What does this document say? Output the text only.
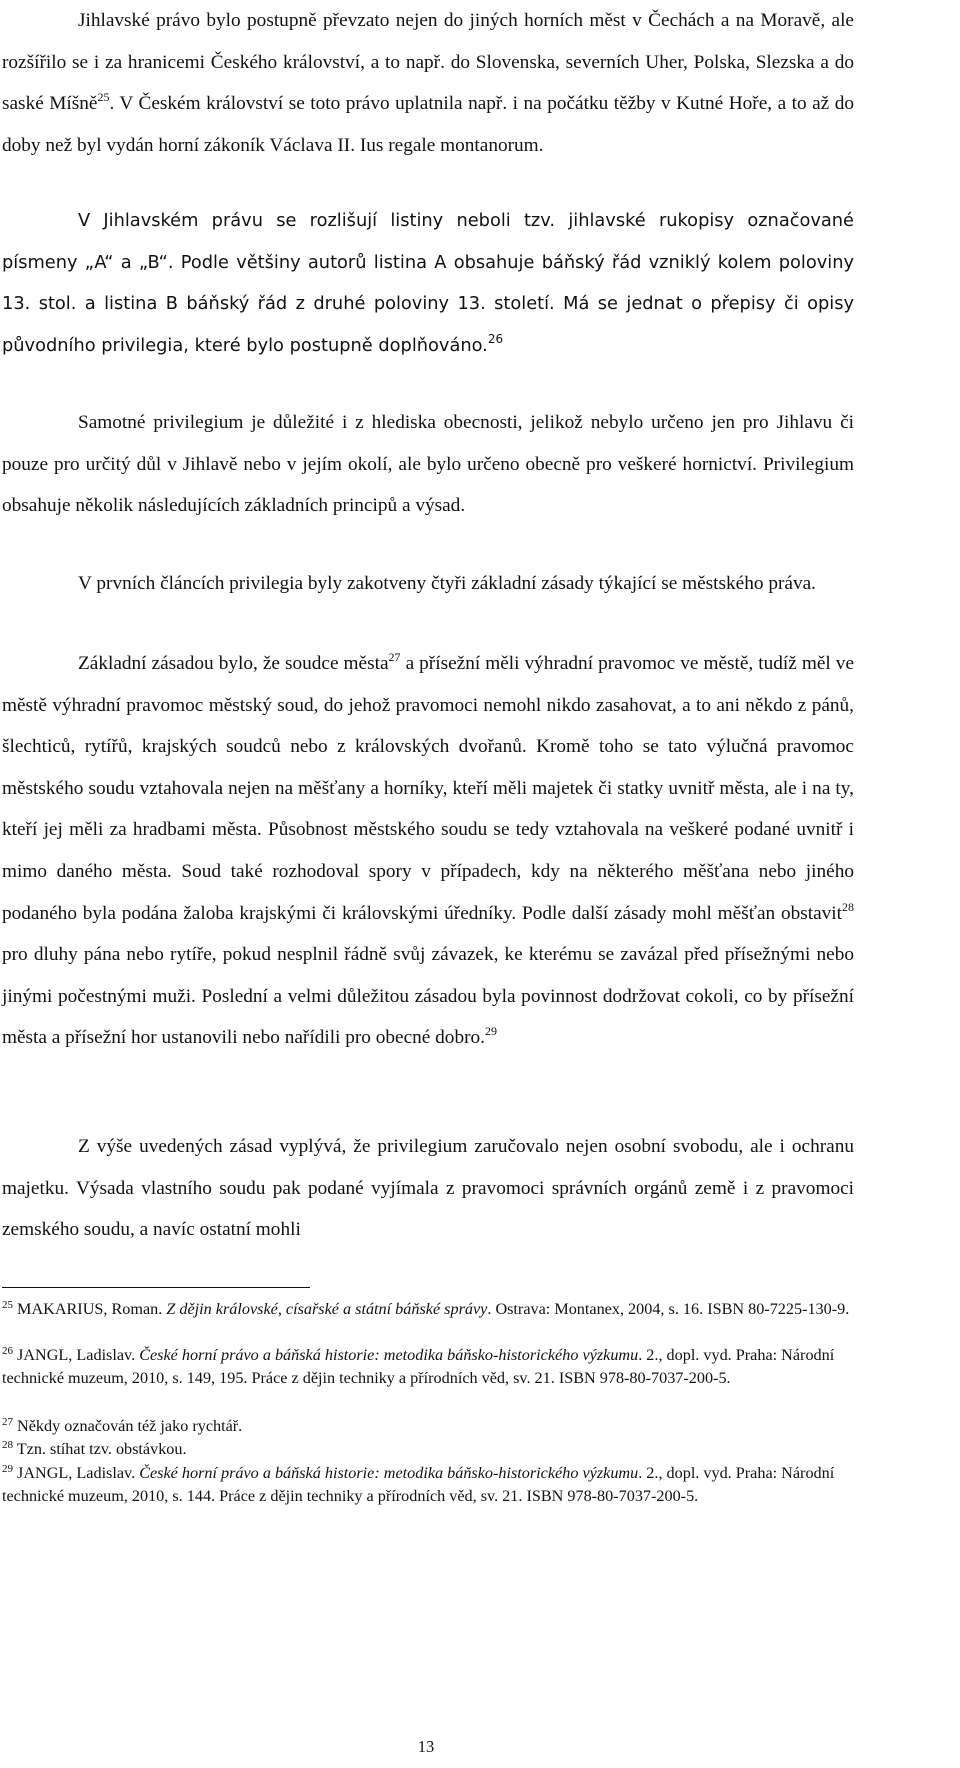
Jihlavské právo bylo postupně převzato nejen do jiných horních měst v Čechách a na Moravě, ale rozšířilo se i za hranicemi Českého království, a to např. do Slovenska, severních Uher, Polska, Slezska a do saské Míšně$^{25}$. V Českém království se toto právo uplatnila např. i na počátku těžby v Kutné Hoře, a to až do doby než byl vydán horní zákoník Václava II. Ius regale montanorum.

V Jihlavském právu se rozlišují listiny neboli tzv. jihlavské rukopisy označované písmeny „A“ a „B“. Podle většiny autorů listina A obsahuje báňský řád vzniklý kolem poloviny 13. stol. a listina B báňský řád z druhé poloviny 13. století. Má se jednat o přepisy či opisy původního privilegia, které bylo postupně doplňováno.$^{26}$

Samotné privilegium je důležité i z hlediska obecnosti, jelikož nebylo určeno jen pro Jihlavu či pouze pro určitý důl v Jihlavě nebo v jejím okolí, ale bylo určeno obecně pro veškeré hornictví. Privilegium obsahuje několik následujících základních principů a výsad.

V prvních článcích privilegia byly zakotveny čtyři základní zásady týkající se městského práva.

Základní zásadou bylo, že soudce města$^{27}$ a přísežní měli výhradní pravomoc ve městě, tudíž měl ve městě výhradní pravomoc městský soud, do jehož pravomoci nemohl nikdo zasahovat, a to ani někdo z pánů, šlechticů, rytířů, krajských soudců nebo z královských dvořanů. Kromě toho se tato výlučná pravomoc městského soudu vztahovala nejen na měšťany a horníky, kteří měli majetek či statky uvnitř města, ale i na ty, kteří jej měli za hradbami města. Působnost městského soudu se tedy vztahovala na veškeré podané uvnitř i mimo daného města. Soud také rozhodoval spory v případech, kdy na některého měšťana nebo jiného podaného byla podána žaloba krajskými či královskými úředníky. Podle další zásady mohl měšťan obstavit$^{28}$ pro dluhy pána nebo rytíře, pokud nesplnil řádně svůj závazek, ke kterému se zavázal před přísežnými nebo jinými počestnými muži. Poslední a velmi důležitou zásadou byla povinnost dodržovat cokoli, co by přísežní města a přísežní hor ustanovili nebo nařídili pro obecné dobro.$^{29}$

Z výše uvedených zásad vyplývá, že privilegium zaručovalo nejen osobní svobodu, ale i ochranu majetku. Výsada vlastního soudu pak podané vyjímala z pravomoci správních orgánů země i z pravomoci zemského soudu, a navíc ostatní mohli

$^{25}$ MAKARIUS, Roman. Z dějin královské, císařské a státní báňské správy. Ostrava: Montanex, 2004, s. 16. ISBN 80-7225-130-9.

$^{26}$ JANGL, Ladislav. České horní právo a báňská historie: metodika báňsko-historického výzkumu. 2., dopl. vyd. Praha: Národní technické muzeum, 2010, s. 149, 195. Práce z dějin techniky a přírodních věd, sv. 21. ISBN 978-80-7037-200-5.

$^{27}$ Někdy označován též jako rychtář.

$^{28}$ Tzn. stíhat tzv. obstávkou.

$^{29}$ JANGL, Ladislav. České horní právo a báňská historie: metodika báňsko-historického výzkumu. 2., dopl. vyd. Praha: Národní technické muzeum, 2010, s. 144. Práce z dějin techniky a přírodních věd, sv. 21. ISBN 978-80-7037-200-5.

13
